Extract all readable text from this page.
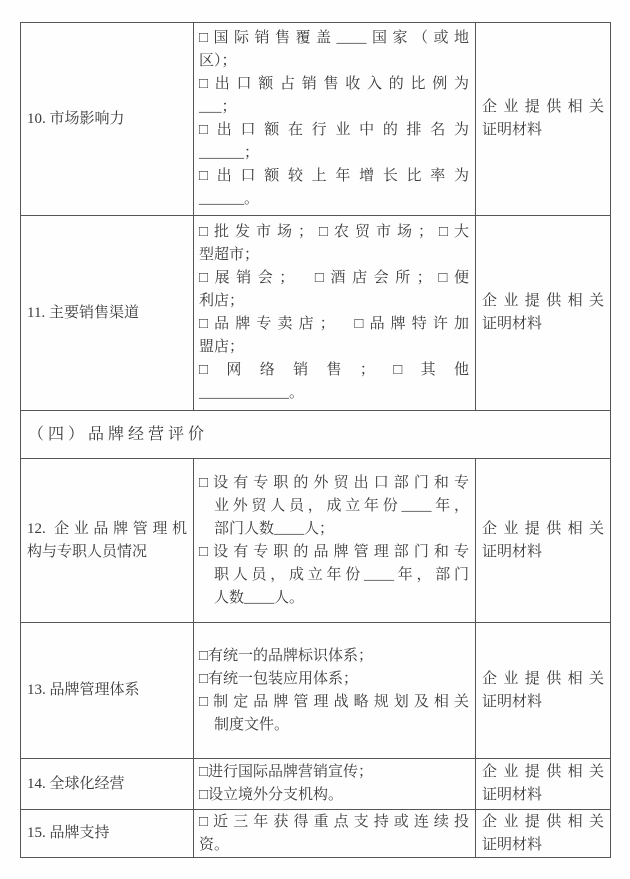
10. 市场影响力
□国际销售覆盖____国家（或地
区）；
□出口额占销售收入的比例为
___；
□出口额在行业中的排名为
______；
□出口额较上年增长比率为
______。
企业提供相关
证明材料
11. 主要销售渠道
□批发市场；□农贸市场；□大
型超市；
□展销会；　□酒店会所；□便
利店；
□品牌专卖店；　□品牌特许加
盟店；
□网络销售；□其他
____________。
企业提供相关
证明材料
（四）品牌经营评价
12. 企业品牌管理机
构与专职人员情况
□设有专职的外贸出口部门和专
业外贸人员，成立年份____年，
部门人数____人；
□设有专职的品牌管理部门和专
职人员，成立年份____年，部门
人数____人。
企业提供相关
证明材料
13. 品牌管理体系
□有统一的品牌标识体系；
□有统一包装应用体系；
□制定品牌管理战略规划及相关
制度文件。
企业提供相关
证明材料
14. 全球化经营
□进行国际品牌营销宣传；
□设立境外分支机构。
企业提供相关
证明材料
15. 品牌支持
□近三年获得重点支持或连续投
资。
企业提供相关
证明材料
